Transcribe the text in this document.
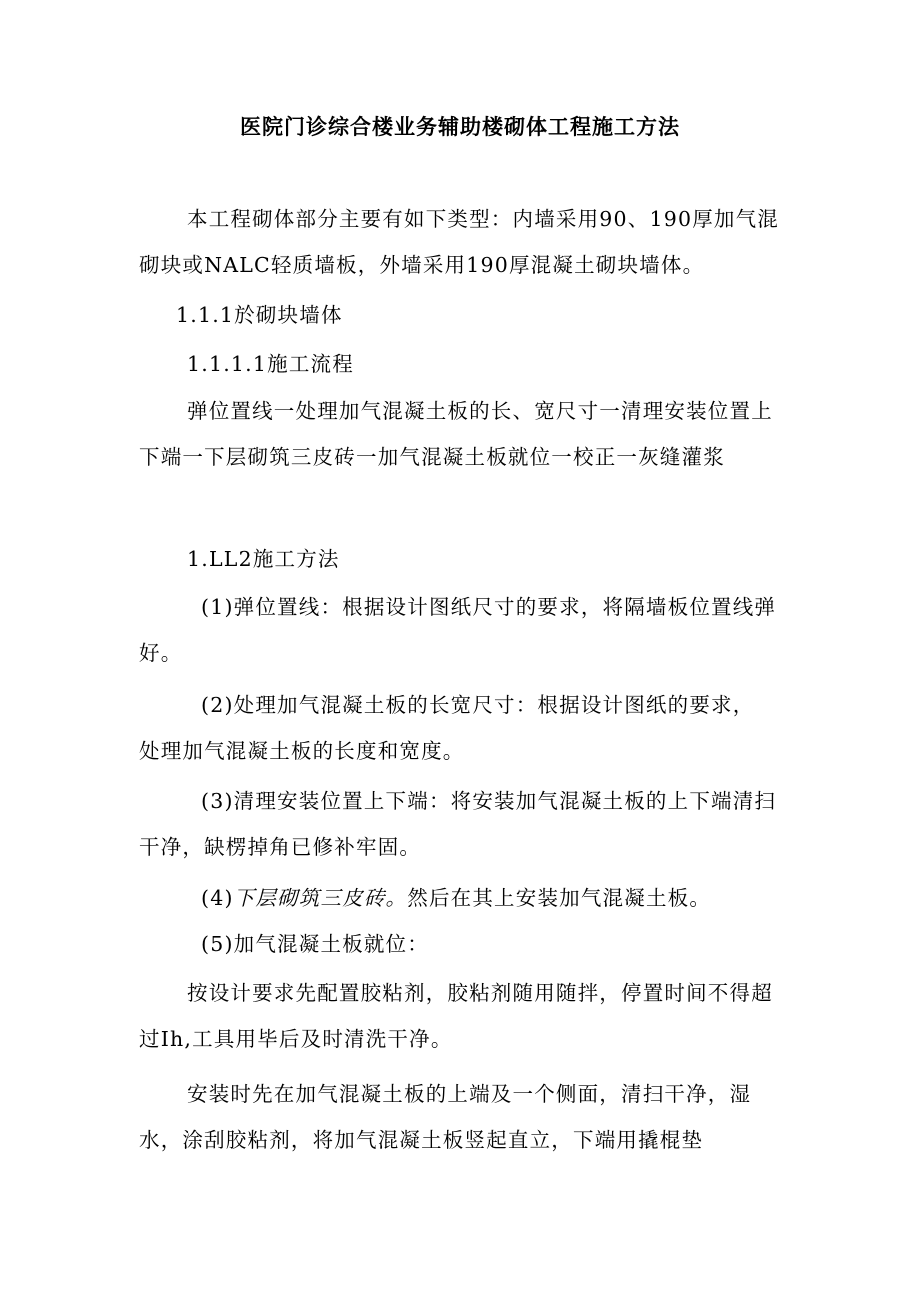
医院门诊综合楼业务辅助楼砌体工程施工方法
本工程砌体部分主要有如下类型：内墙采用90、190厚加气混砌块或NALC轻质墙板，外墙采用190厚混凝土砌块墙体。
1.1.1於砌块墙体
1.1.1.1施工流程
弹位置线一处理加气混凝土板的长、宽尺寸一清理安装位置上下端一下层砌筑三皮砖一加气混凝土板就位一校正一灰缝灌浆
1.LL2施工方法
(1)弹位置线：根据设计图纸尺寸的要求，将隔墙板位置线弹好。
(2)处理加气混凝土板的长宽尺寸：根据设计图纸的要求，处理加气混凝土板的长度和宽度。
(3)清理安装位置上下端：将安装加气混凝土板的上下端清扫干净，缺楞掉角已修补牢固。
(4)下层砌筑三皮砖。然后在其上安装加气混凝土板。
(5)加气混凝土板就位：
按设计要求先配置胶粘剂，胶粘剂随用随拌，停置时间不得超过Ih,工具用毕后及时清洗干净。
安装时先在加气混凝土板的上端及一个侧面，清扫干净，湿水，涂刮胶粘剂，将加气混凝土板竖起直立，下端用撬棍垫
